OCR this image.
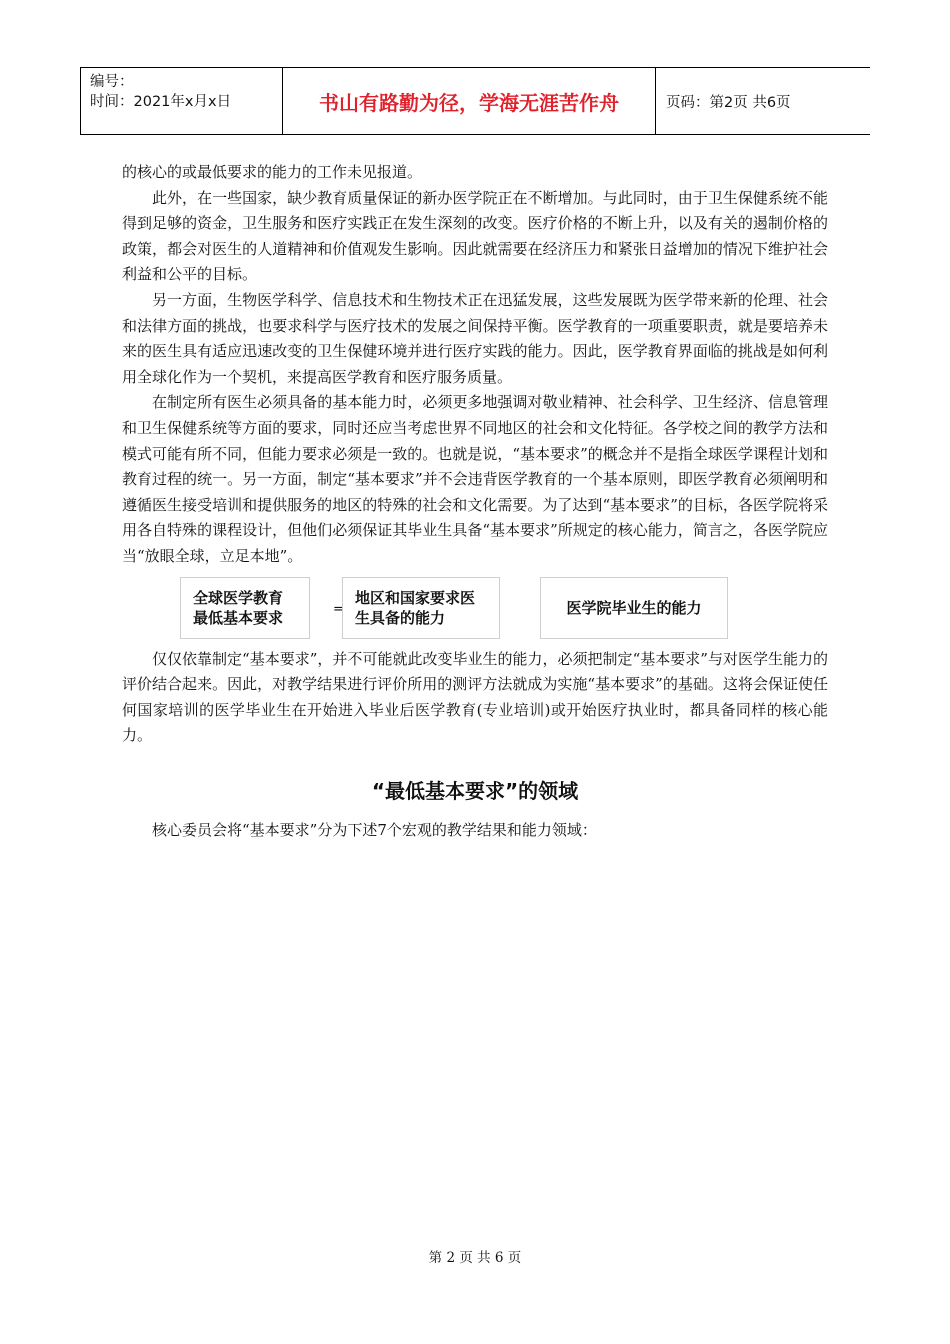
编号：
时间：2021年x月x日	书山有路勤为径，学海无涯苦作舟	页码：第2页 共6页

的核心的或最低要求的能力的工作未见报道。

此外，在一些国家，缺少教育质量保证的新办医学院正在不断增加。与此同时，由于卫生保健系统不能得到足够的资金，卫生服务和医疗实践正在发生深刻的改变。医疗价格的不断上升，以及有关的遏制价格的政策，都会对医生的人道精神和价值观发生影响。因此就需要在经济压力和紧张日益增加的情况下维护社会利益和公平的目标。

另一方面，生物医学科学、信息技术和生物技术正在迅猛发展，这些发展既为医学带来新的伦理、社会和法律方面的挑战，也要求科学与医疗技术的发展之间保持平衡。医学教育的一项重要职责，就是要培养未来的医生具有适应迅速改变的卫生保健环境并进行医疗实践的能力。因此，医学教育界面临的挑战是如何利用全球化作为一个契机，来提高医学教育和医疗服务质量。

在制定所有医生必须具备的基本能力时，必须更多地强调对敬业精神、社会科学、卫生经济、信息管理和卫生保健系统等方面的要求，同时还应当考虑世界不同地区的社会和文化特征。各学校之间的教学方法和模式可能有所不同，但能力要求必须是一致的。也就是说，“基本要求”的概念并不是指全球医学课程计划和教育过程的统一。另一方面，制定“基本要求”并不会违背医学教育的一个基本原则，即医学教育必须阐明和遵循医生接受培训和提供服务的地区的特殊的社会和文化需要。为了达到“基本要求”的目标，各医学院将采用各自特殊的课程设计，但他们必须保证其毕业生具备“基本要求”所规定的核心能力，简言之，各医学院应当“放眼全球，立足本地”。

全球医学教育
最低基本要求	=
地区和国家要求医
生具备的能力
医学院毕业生的能力

仅仅依靠制定“基本要求”，并不可能就此改变毕业生的能力，必须把制定“基本要求”与对医学生能力的评价结合起来。因此，对教学结果进行评价所用的测评方法就成为实施“基本要求”的基础。这将会保证使任何国家培训的医学毕业生在开始进入毕业后医学教育(专业培训)或开始医疗执业时，都具备同样的核心能力。

“最低基本要求”的领域

核心委员会将“基本要求”分为下述7个宏观的教学结果和能力领域：

第 2 页 共 6 页
